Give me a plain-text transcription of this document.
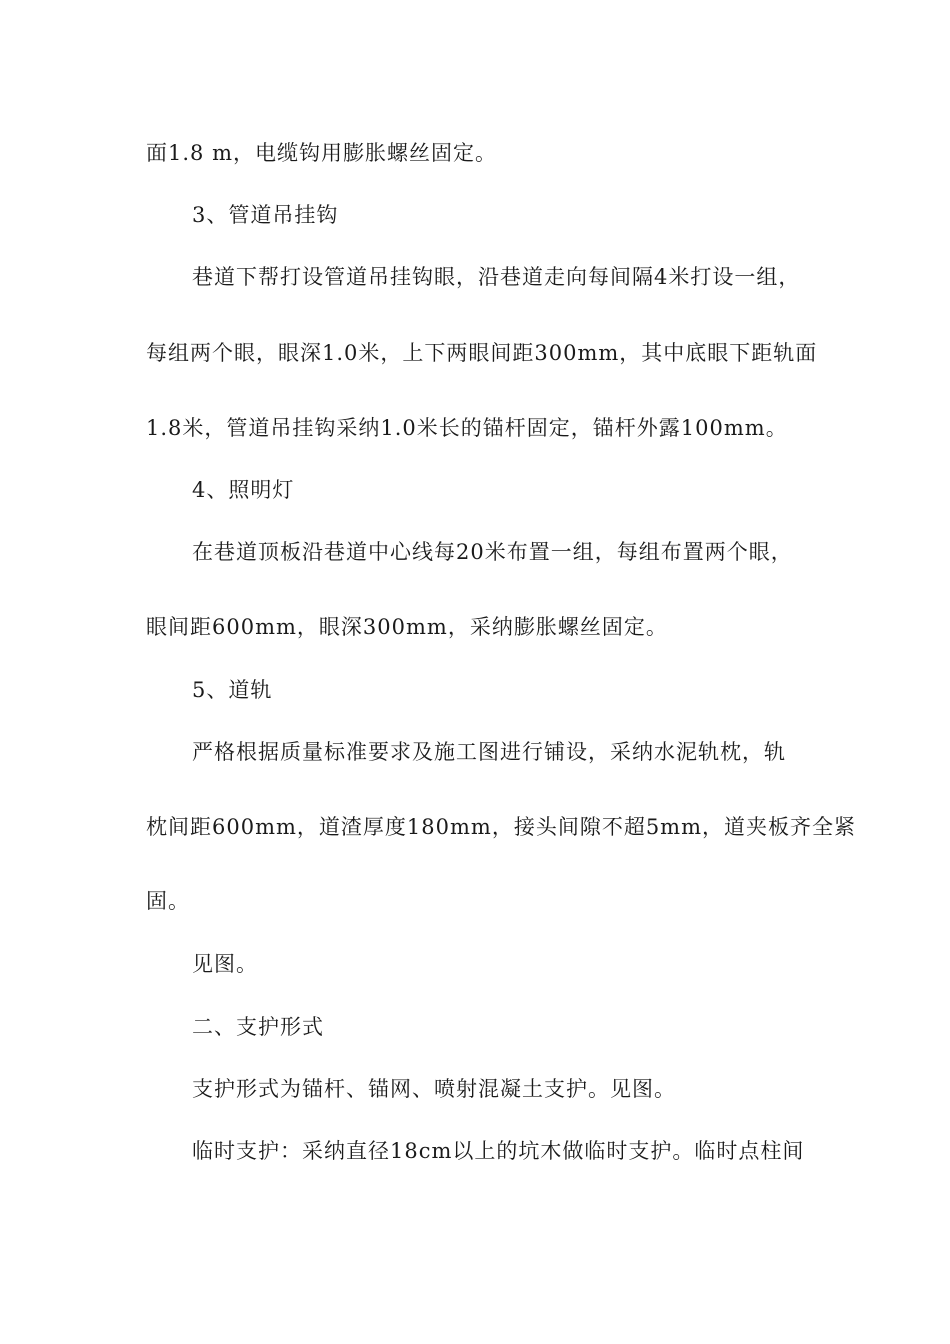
面1.8 m，电缆钩用膨胀螺丝固定。
3、管道吊挂钩
巷道下帮打设管道吊挂钩眼，沿巷道走向每间隔4米打设一组，
每组两个眼，眼深1.0米，上下两眼间距300mm，其中底眼下距轨面
1.8米，管道吊挂钩采纳1.0米长的锚杆固定，锚杆外露100mm。
4、照明灯
在巷道顶板沿巷道中心线每20米布置一组，每组布置两个眼，
眼间距600mm，眼深300mm，采纳膨胀螺丝固定。
5、道轨
严格根据质量标准要求及施工图进行铺设，采纳水泥轨枕，轨
枕间距600mm，道渣厚度180mm，接头间隙不超5mm，道夹板齐全紧
固。
见图。
二、支护形式
支护形式为锚杆、锚网、喷射混凝土支护。见图。
临时支护：采纳直径18cm以上的坑木做临时支护。临时点柱间
